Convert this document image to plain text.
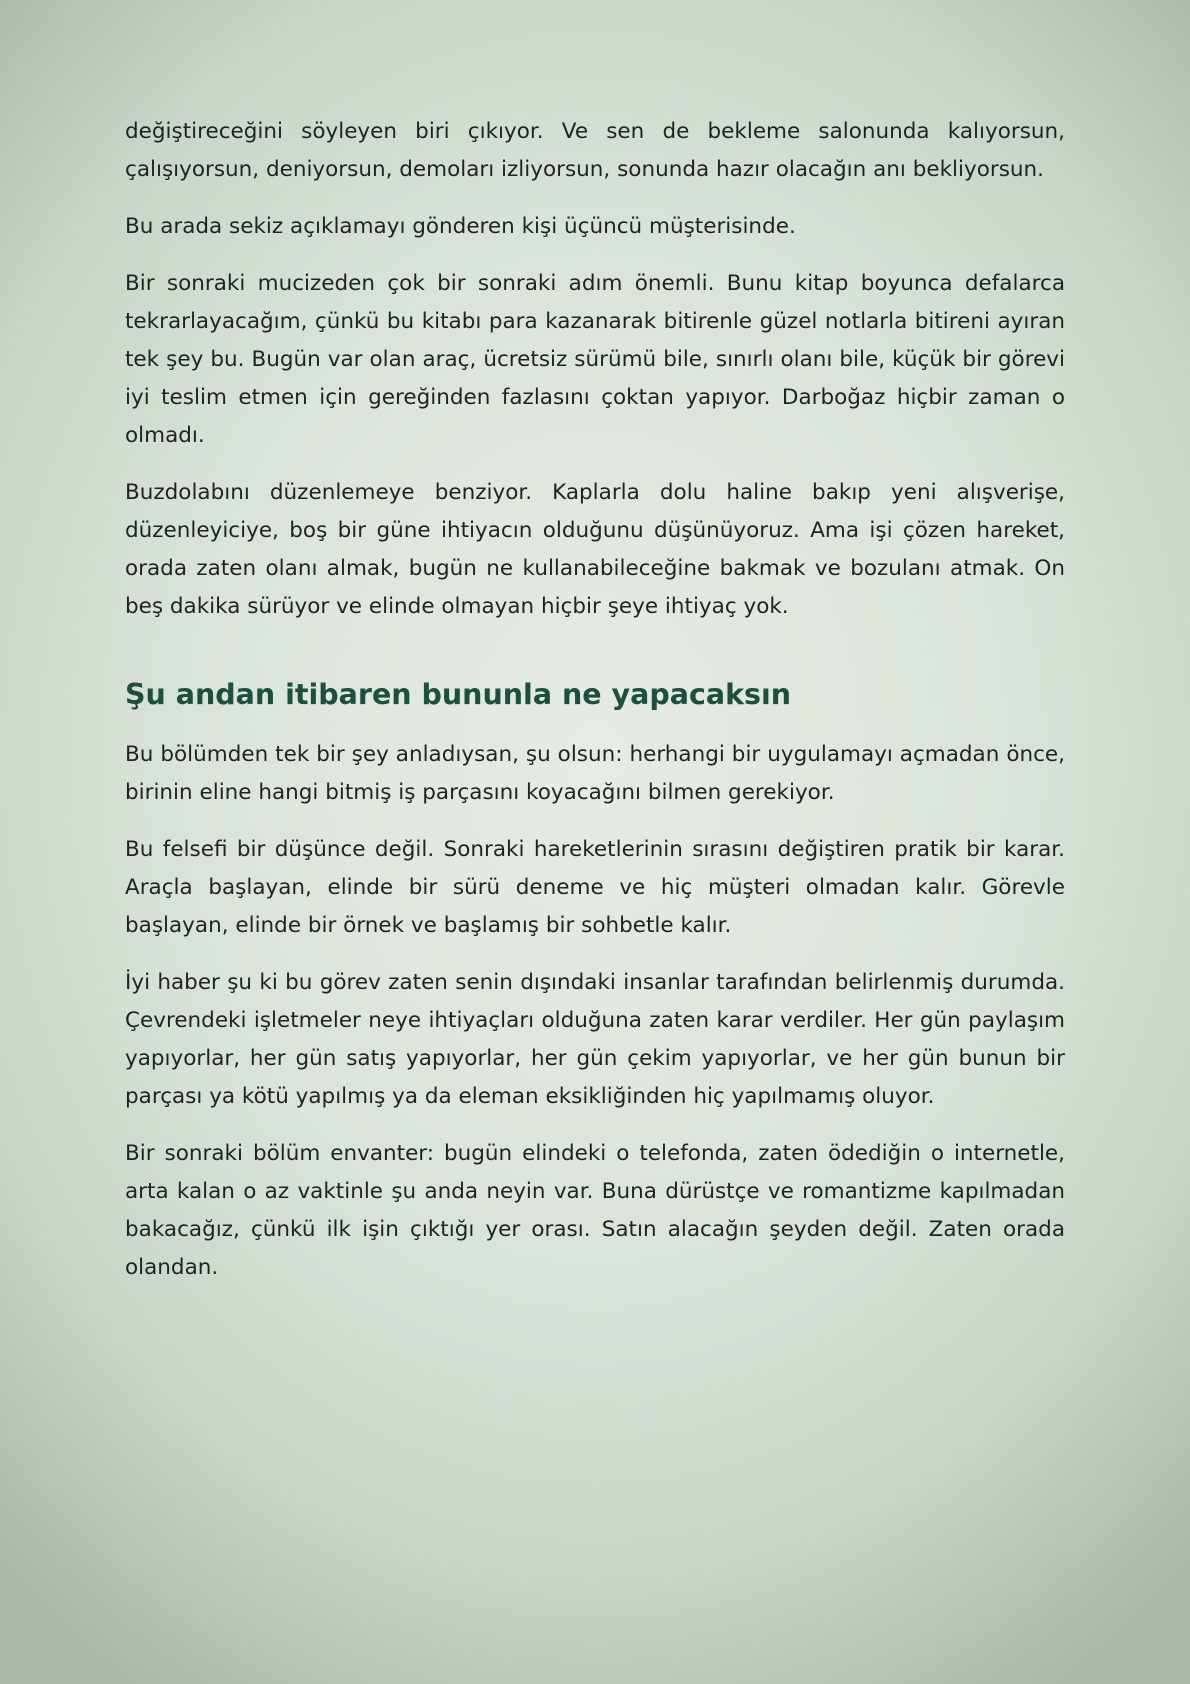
değiştireceğini söyleyen biri çıkıyor. Ve sen de bekleme salonunda kalıyorsun, çalışıyorsun, deniyorsun, demoları izliyorsun, sonunda hazır olacağın anı bekliyorsun.

Bu arada sekiz açıklamayı gönderen kişi üçüncü müşterisinde.

Bir sonraki mucizeden çok bir sonraki adım önemli. Bunu kitap boyunca defalarca tekrarlayacağım, çünkü bu kitabı para kazanarak bitirenle güzel notlarla bitireni ayıran tek şey bu. Bugün var olan araç, ücretsiz sürümü bile, sınırlı olanı bile, küçük bir görevi iyi teslim etmen için gereğinden fazlasını çoktan yapıyor. Darboğaz hiçbir zaman o olmadı.

Buzdolabını düzenlemeye benziyor. Kaplarla dolu haline bakıp yeni alışverişe, düzenleyiciye, boş bir güne ihtiyacın olduğunu düşünüyoruz. Ama işi çözen hareket, orada zaten olanı almak, bugün ne kullanabileceğine bakmak ve bozulanı atmak. On beş dakika sürüyor ve elinde olmayan hiçbir şeye ihtiyaç yok.

Şu andan itibaren bununla ne yapacaksın

Bu bölümden tek bir şey anladıysan, şu olsun: herhangi bir uygulamayı açmadan önce, birinin eline hangi bitmiş iş parçasını koyacağını bilmen gerekiyor.

Bu felsefi bir düşünce değil. Sonraki hareketlerinin sırasını değiştiren pratik bir karar. Araçla başlayan, elinde bir sürü deneme ve hiç müşteri olmadan kalır. Görevle başlayan, elinde bir örnek ve başlamış bir sohbetle kalır.

İyi haber şu ki bu görev zaten senin dışındaki insanlar tarafından belirlenmiş durumda. Çevrendeki işletmeler neye ihtiyaçları olduğuna zaten karar verdiler. Her gün paylaşım yapıyorlar, her gün satış yapıyorlar, her gün çekim yapıyorlar, ve her gün bunun bir parçası ya kötü yapılmış ya da eleman eksikliğinden hiç yapılmamış oluyor.

Bir sonraki bölüm envanter: bugün elindeki o telefonda, zaten ödediğin o internetle, arta kalan o az vaktinle şu anda neyin var. Buna dürüstçe ve romantizme kapılmadan bakacağız, çünkü ilk işin çıktığı yer orası. Satın alacağın şeyden değil. Zaten orada olandan.
